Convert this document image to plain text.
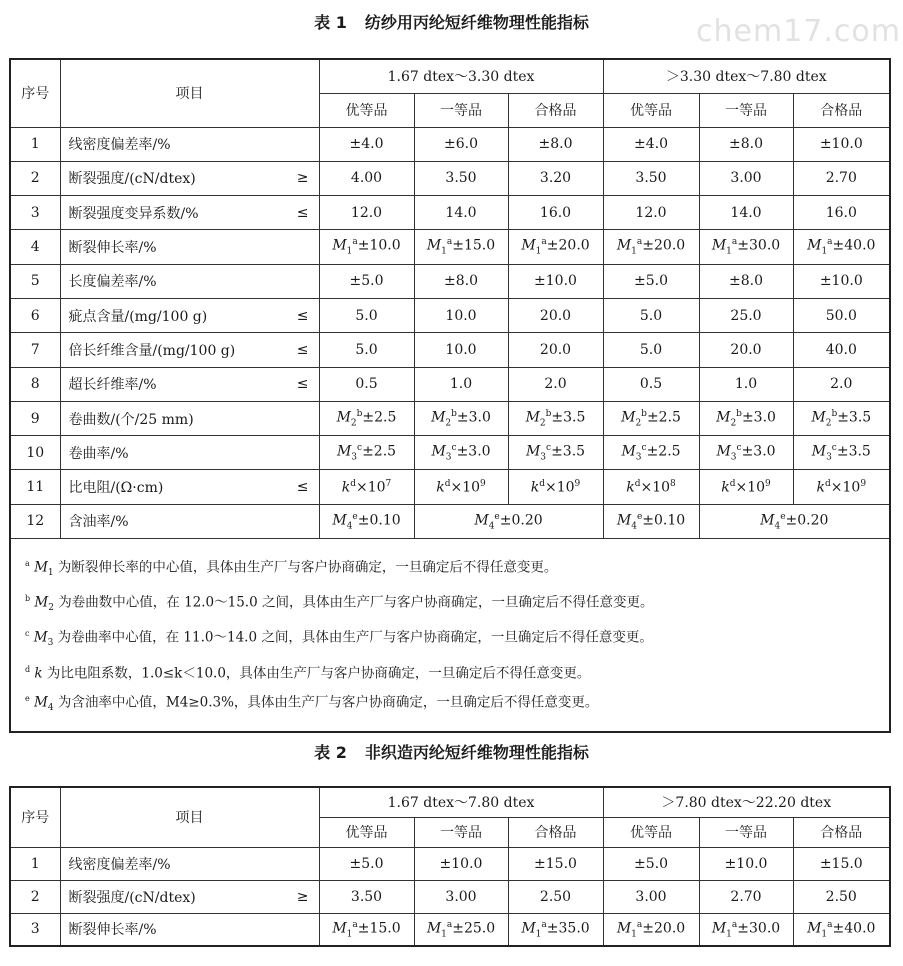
chem17.com
表 1 纺纱用丙纶短纤维物理性能指标
序号	项目	1.67 dtex～3.30 dtex			＞3.30 dtex～7.80 dtex		
		优等品	一等品	合格品	优等品	一等品	合格品
1	线密度偏差率/%	±4.0	±6.0	±8.0	±4.0	±8.0	±10.0
2	断裂强度/(cN/dtex) ≥	4.00	3.50	3.20	3.50	3.00	2.70
3	断裂强度变异系数/% ≤	12.0	14.0	16.0	12.0	14.0	16.0
4	断裂伸长率/%	$M_1^a\pm 10.0$	$M_1^a\pm 15.0$	$M_1^a\pm 20.0$	$M_1^a\pm 20.0$	$M_1^a\pm 30.0$	$M_1^a\pm 40.0$
5	长度偏差率/%	±5.0	±8.0	±10.0	±5.0	±8.0	±10.0
6	疵点含量/(mg/100 g) ≤	5.0	10.0	20.0	5.0	25.0	50.0
7	倍长纤维含量/(mg/100 g) ≤	5.0	10.0	20.0	5.0	20.0	40.0
8	超长纤维率/% ≤	0.5	1.0	2.0	0.5	1.0	2.0
9	卷曲数/(个/25 mm)	$M_2^b\pm 2.5$	$M_2^b\pm 3.0$	$M_2^b\pm 3.5$	$M_2^b\pm 2.5$	$M_2^b\pm 3.0$	$M_2^b\pm 3.5$
10	卷曲率/%	$M_3^c\pm 2.5$	$M_3^c\pm 3.0$	$M_3^c\pm 3.5$	$M_3^c\pm 2.5$	$M_3^c\pm 3.0$	$M_3^c\pm 3.5$
11	比电阻/(Ω·cm) ≤	$k^d\times 10^7$	$k^d\times 10^9$	$k^d\times 10^9$	$k^d\times 10^8$	$k^d\times 10^9$	$k^d\times 10^9$
12	含油率/%	$M_4^e\pm 0.10$	$M_4^e\pm 0.20$		$M_4^e\pm 0.10$	$M_4^e\pm 0.20$	

$^a$ $M_1$ 为断裂伸长率的中心值，具体由生产厂与客户协商确定，一旦确定后不得任意变更。
$^b$ $M_2$ 为卷曲数中心值，在 12.0～15.0 之间，具体由生产厂与客户协商确定，一旦确定后不得任意变更。
$^c$ $M_3$ 为卷曲率中心值，在 11.0～14.0 之间，具体由生产厂与客户协商确定，一旦确定后不得任意变更。
$^d$ k 为比电阻系数，1.0≤k＜10.0，具体由生产厂与客户协商确定，一旦确定后不得任意变更。
$^e$ $M_4$ 为含油率中心值，M4≥0.3%，具体由生产厂与客户协商确定，一旦确定后不得任意变更。							
表 2 非织造丙纶短纤维物理性能指标
序号	项目	1.67 dtex～7.80 dtex			＞7.80 dtex～22.20 dtex		
		优等品	一等品	合格品	优等品	一等品	合格品
1	线密度偏差率/%	±5.0	±10.0	±15.0	±5.0	±10.0	±15.0
2	断裂强度/(cN/dtex) ≥	3.50	3.00	2.50	3.00	2.70	2.50
3	断裂伸长率/%	$M_1^a\pm 15.0$	$M_1^a\pm 25.0$	$M_1^a\pm 35.0$	$M_1^a\pm 20.0$	$M_1^a\pm 30.0$	$M_1^a\pm 40.0$
